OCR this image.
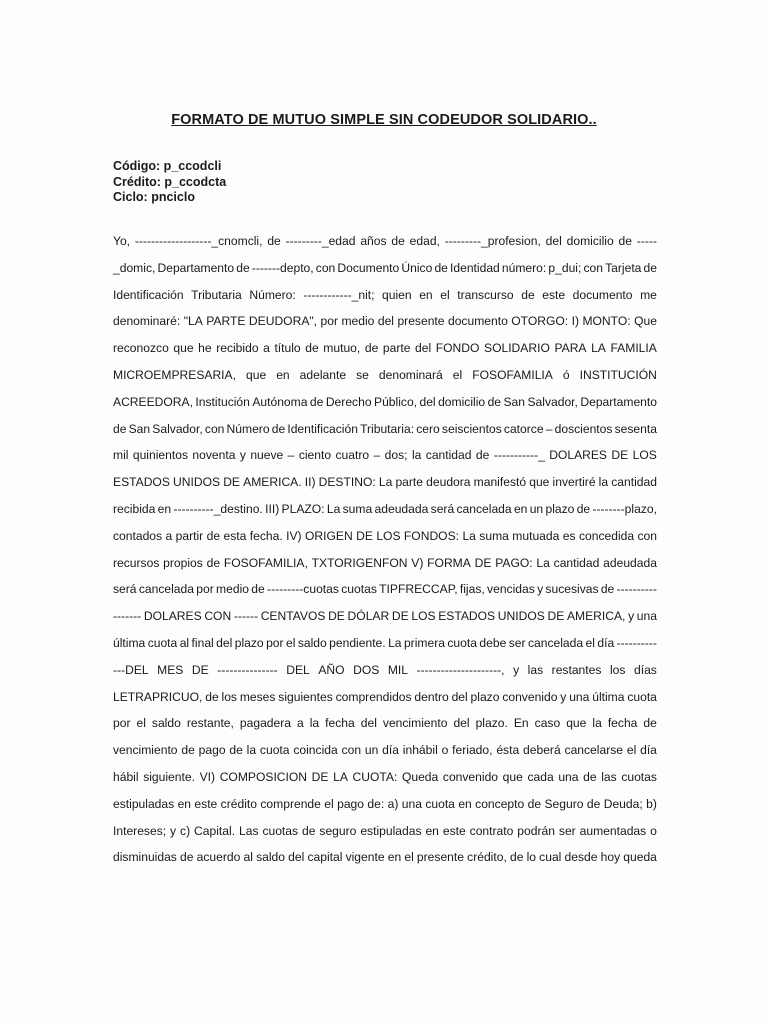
FORMATO DE MUTUO SIMPLE SIN CODEUDOR SOLIDARIO..
Código: p_ccodcli
Crédito: p_ccodcta
Ciclo: pnciclo
Yo, -------------------_cnomcli, de ---------_edad años de edad, ---------_profesion, del domicilio de -----
_domic, Departamento de -------depto, con Documento Único de Identidad número: p_dui; con Tarjeta de
Identificación Tributaria Número: ------------_nit; quien en el transcurso de este documento me
denominaré: "LA PARTE DEUDORA", por medio del presente documento OTORGO: I) MONTO: Que
reconozco que he recibido a título de mutuo, de parte del FONDO SOLIDARIO PARA LA FAMILIA
MICROEMPRESARIA, que en adelante se denominará el FOSOFAMILIA ó INSTITUCIÓN
ACREEDORA, Institución Autónoma de Derecho Público, del domicilio de San Salvador, Departamento
de San Salvador, con Número de Identificación Tributaria: cero seiscientos catorce – doscientos sesenta
mil quinientos noventa y nueve – ciento cuatro – dos; la cantidad de -----------_ DOLARES DE LOS
ESTADOS UNIDOS DE AMERICA. II) DESTINO: La parte deudora manifestó que invertiré la cantidad
recibida en ----------_destino. III) PLAZO: La suma adeudada será cancelada en un plazo de --------plazo,
contados a partir de esta fecha. IV) ORIGEN DE LOS FONDOS: La suma mutuada es concedida con
recursos propios de FOSOFAMILIA, TXTORIGENFON V) FORMA DE PAGO: La cantidad adeudada
será cancelada por medio de ---------cuotas cuotas TIPFRECCAP, fijas, vencidas y sucesivas de ----------
------- DOLARES CON ------ CENTAVOS DE DÓLAR DE LOS ESTADOS UNIDOS DE AMERICA, y una
última cuota al final del plazo por el saldo pendiente. La primera cuota debe ser cancelada el día ----------
---DEL MES DE --------------- DEL AÑO DOS MIL ---------------------, y las restantes los días
LETRAPRICUO, de los meses siguientes comprendidos dentro del plazo convenido y una última cuota
por el saldo restante, pagadera a la fecha del vencimiento del plazo. En caso que la fecha de
vencimiento de pago de la cuota coincida con un día inhábil o feriado, ésta deberá cancelarse el día
hábil siguiente. VI) COMPOSICION DE LA CUOTA: Queda convenido que cada una de las cuotas
estipuladas en este crédito comprende el pago de: a) una cuota en concepto de Seguro de Deuda; b)
Intereses; y c) Capital. Las cuotas de seguro estipuladas en este contrato podrán ser aumentadas o
disminuidas de acuerdo al saldo del capital vigente en el presente crédito, de lo cual desde hoy queda
